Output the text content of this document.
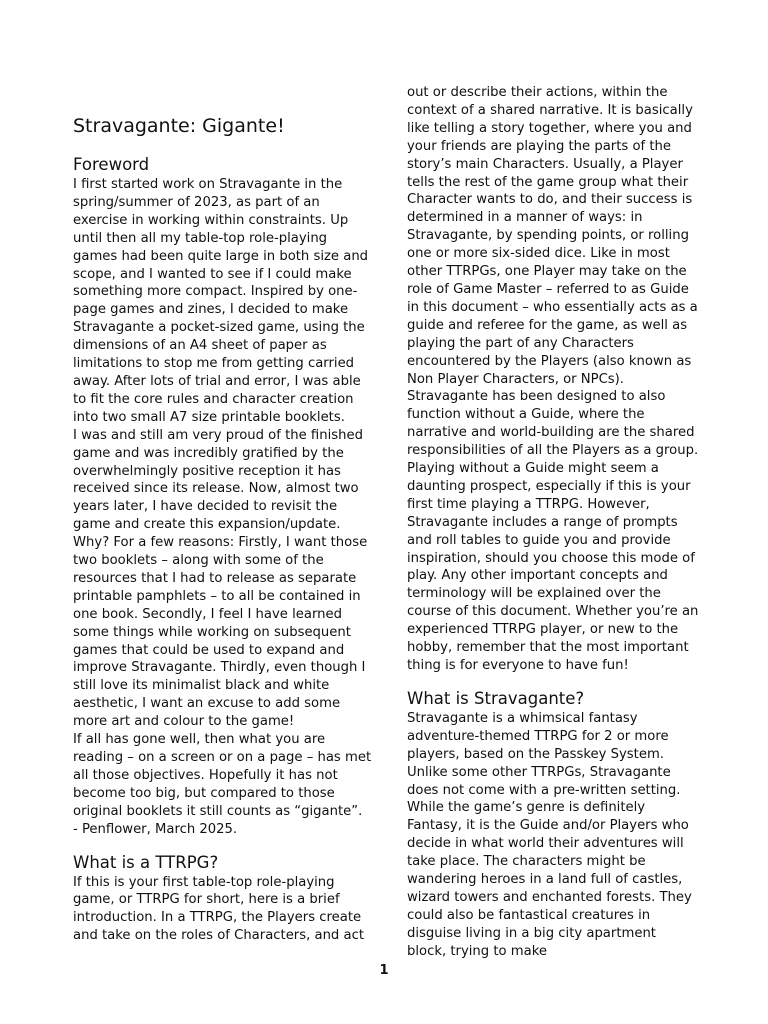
Stravagante: Gigante!
Foreword

I first started work on Stravagante in the spring/summer of 2023, as part of an exercise in working within constraints. Up until then all my table-top role-playing games had been quite large in both size and scope, and I wanted to see if I could make something more compact. Inspired by one-page games and zines, I decided to make Stravagante a pocket-sized game, using the dimensions of an A4 sheet of paper as limitations to stop me from getting carried away. After lots of trial and error, I was able to fit the core rules and character creation into two small A7 size printable booklets.

I was and still am very proud of the finished game and was incredibly gratified by the overwhelmingly positive reception it has received since its release. Now, almost two years later, I have decided to revisit the game and create this expansion/update. Why? For a few reasons: Firstly, I want those two booklets – along with some of the resources that I had to release as separate printable pamphlets – to all be contained in one book. Secondly, I feel I have learned some things while working on subsequent games that could be used to expand and improve Stravagante. Thirdly, even though I still love its minimalist black and white aesthetic, I want an excuse to add some more art and colour to the game!

If all has gone well, then what you are reading – on a screen or on a page – has met all those objectives. Hopefully it has not become too big, but compared to those original booklets it still counts as “gigante”.

- Penflower, March 2025.

What is a TTRPG?

If this is your first table-top role-playing game, or TTRPG for short, here is a brief introduction. In a TTRPG, the Players create and take on the roles of Characters, and act

out or describe their actions, within the context of a shared narrative. It is basically like telling a story together, where you and your friends are playing the parts of the story’s main Characters. Usually, a Player tells the rest of the game group what their Character wants to do, and their success is determined in a manner of ways: in Stravagante, by spending points, or rolling one or more six-sided dice. Like in most other TTRPGs, one Player may take on the role of Game Master – referred to as Guide in this document – who essentially acts as a guide and referee for the game, as well as playing the part of any Characters encountered by the Players (also known as Non Player Characters, or NPCs).

Stravagante has been designed to also function without a Guide, where the narrative and world-building are the shared responsibilities of all the Players as a group. Playing without a Guide might seem a daunting prospect, especially if this is your first time playing a TTRPG. However, Stravagante includes a range of prompts and roll tables to guide you and provide inspiration, should you choose this mode of play. Any other important concepts and terminology will be explained over the course of this document. Whether you’re an experienced TTRPG player, or new to the hobby, remember that the most important thing is for everyone to have fun!

What is Stravagante?

Stravagante is a whimsical fantasy adventure-themed TTRPG for 2 or more players, based on the Passkey System.

Unlike some other TTRPGs, Stravagante does not come with a pre-written setting. While the game’s genre is definitely Fantasy, it is the Guide and/or Players who decide in what world their adventures will take place. The characters might be wandering heroes in a land full of castles, wizard towers and enchanted forests. They could also be fantastical creatures in disguise living in a big city apartment block, trying to make

1
